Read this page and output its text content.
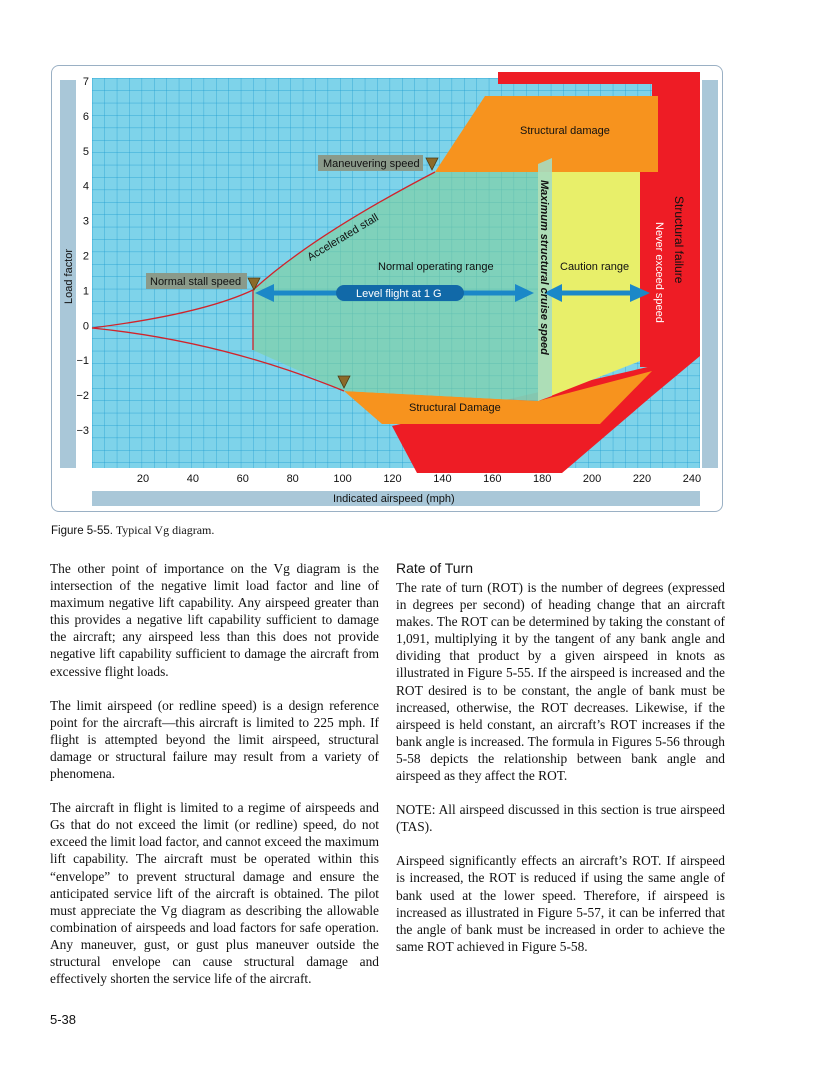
Structural damage
Structural Damage
Maneuvering speed
Normal stall speed
Normal operating range	Caution range
Level flight at 1 G
Accelerated stall	Maximum structural cruise speed	Never exceed speed Structural failure
Load factor
Indicated airspeed (mph)
7
6
5
4
3
2
1
0
−1
−2
−3
20	40	60	80	100	120	140	160	180	200	220	240
Figure 5-55. Typical Vg diagram.

The other point of importance on the Vg diagram is the intersection of the negative limit load factor and line of maximum negative lift capability. Any airspeed greater than this provides a negative lift capability sufficient to damage the aircraft; any airspeed less than this does not provide negative lift capability sufficient to damage the aircraft from excessive flight loads.

The limit airspeed (or redline speed) is a design reference point for the aircraft—this aircraft is limited to 225 mph. If flight is attempted beyond the limit airspeed, structural damage or structural failure may result from a variety of phenomena.

The aircraft in flight is limited to a regime of airspeeds and Gs that do not exceed the limit (or redline) speed, do not exceed the limit load factor, and cannot exceed the maximum lift capability. The aircraft must be operated within this “envelope” to prevent structural damage and ensure the anticipated service lift of the aircraft is obtained. The pilot must appreciate the Vg diagram as describing the allowable combination of airspeeds and load factors for safe operation. Any maneuver, gust, or gust plus maneuver outside the structural envelope can cause structural damage and effectively shorten the service life of the aircraft.

Rate of Turn

The rate of turn (ROT) is the number of degrees (expressed in degrees per second) of heading change that an aircraft makes. The ROT can be determined by taking the constant of 1,091, multiplying it by the tangent of any bank angle and dividing that product by a given airspeed in knots as illustrated in Figure 5-55. If the airspeed is increased and the ROT desired is to be constant, the angle of bank must be increased, otherwise, the ROT decreases. Likewise, if the airspeed is held constant, an aircraft’s ROT increases if the bank angle is increased. The formula in Figures 5-56 through 5-58 depicts the relationship between bank angle and airspeed as they affect the ROT.

NOTE: All airspeed discussed in this section is true airspeed (TAS).

Airspeed significantly effects an aircraft’s ROT. If airspeed is increased, the ROT is reduced if using the same angle of bank used at the lower speed. Therefore, if airspeed is increased as illustrated in Figure 5-57, it can be inferred that the angle of bank must be increased in order to achieve the same ROT achieved in Figure 5-58.

5-38
